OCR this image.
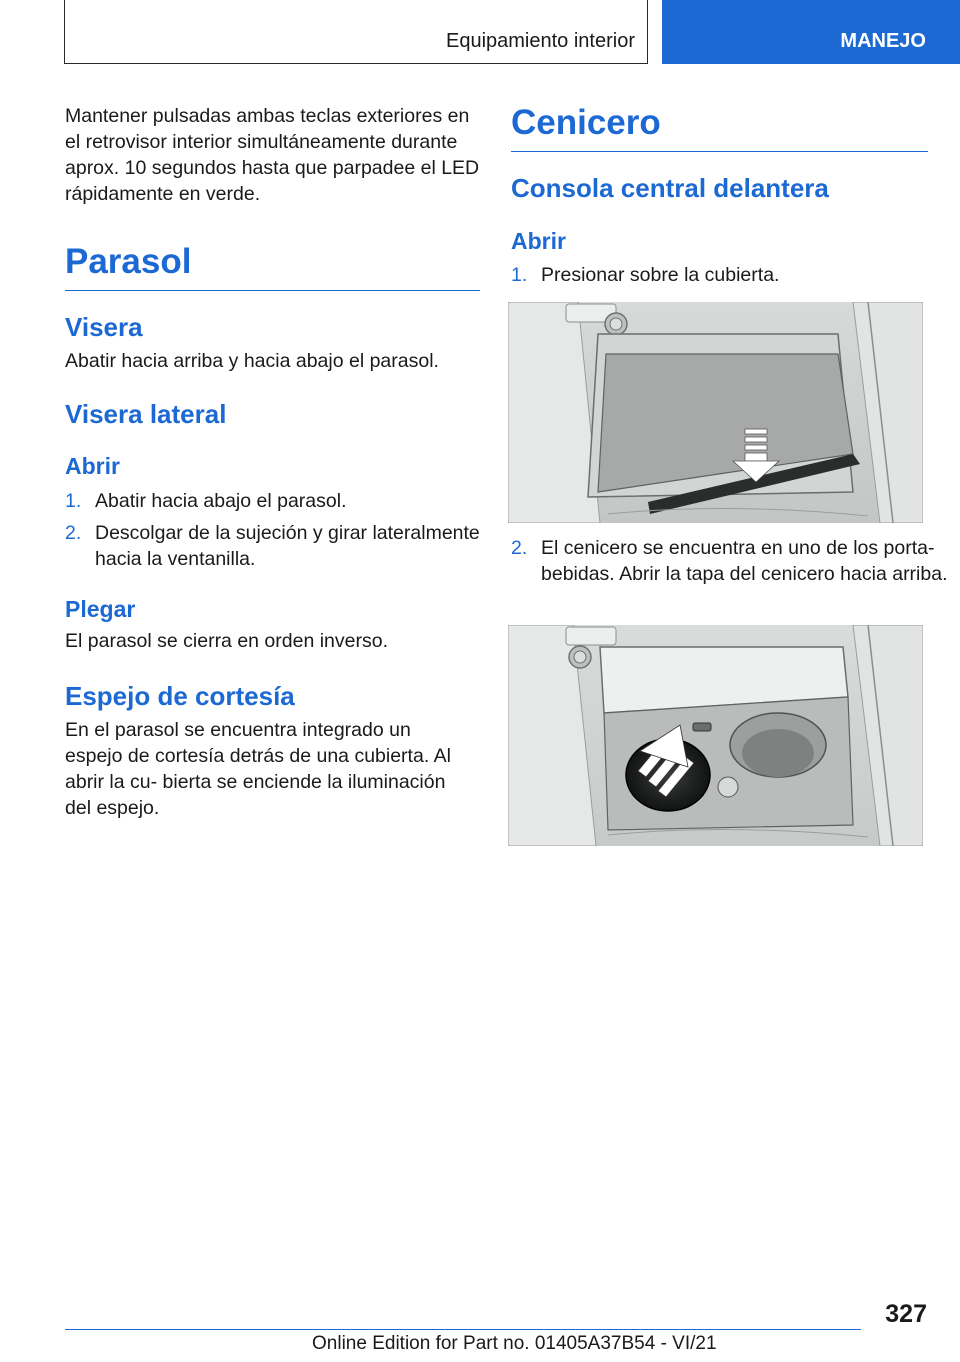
Equipamiento interior	MANEJO

Mantener pulsadas ambas teclas exteriores en el retrovisor interior simultáneamente durante aprox. 10 segundos hasta que parpadee el LED rápidamente en verde.

Parasol
Visera

Abatir hacia arriba y hacia abajo el parasol.

Visera lateral
Abrir
1. Abatir hacia abajo el parasol.
2. Descolgar de la sujeción y girar lateralmente hacia la ventanilla.
Plegar

El parasol se cierra en orden inverso.

Espejo de cortesía

En el parasol se encuentra integrado un espejo de cortesía detrás de una cubierta. Al abrir la cu‐ bierta se enciende la iluminación del espejo.

Cenicero
Consola central delantera
Abrir
1. Presionar sobre la cubierta.
2. El cenicero se encuentra en uno de los porta‐ bebidas. Abrir la tapa del cenicero hacia arriba.
327
Online Edition for Part no. 01405A37B54 - VI/21
